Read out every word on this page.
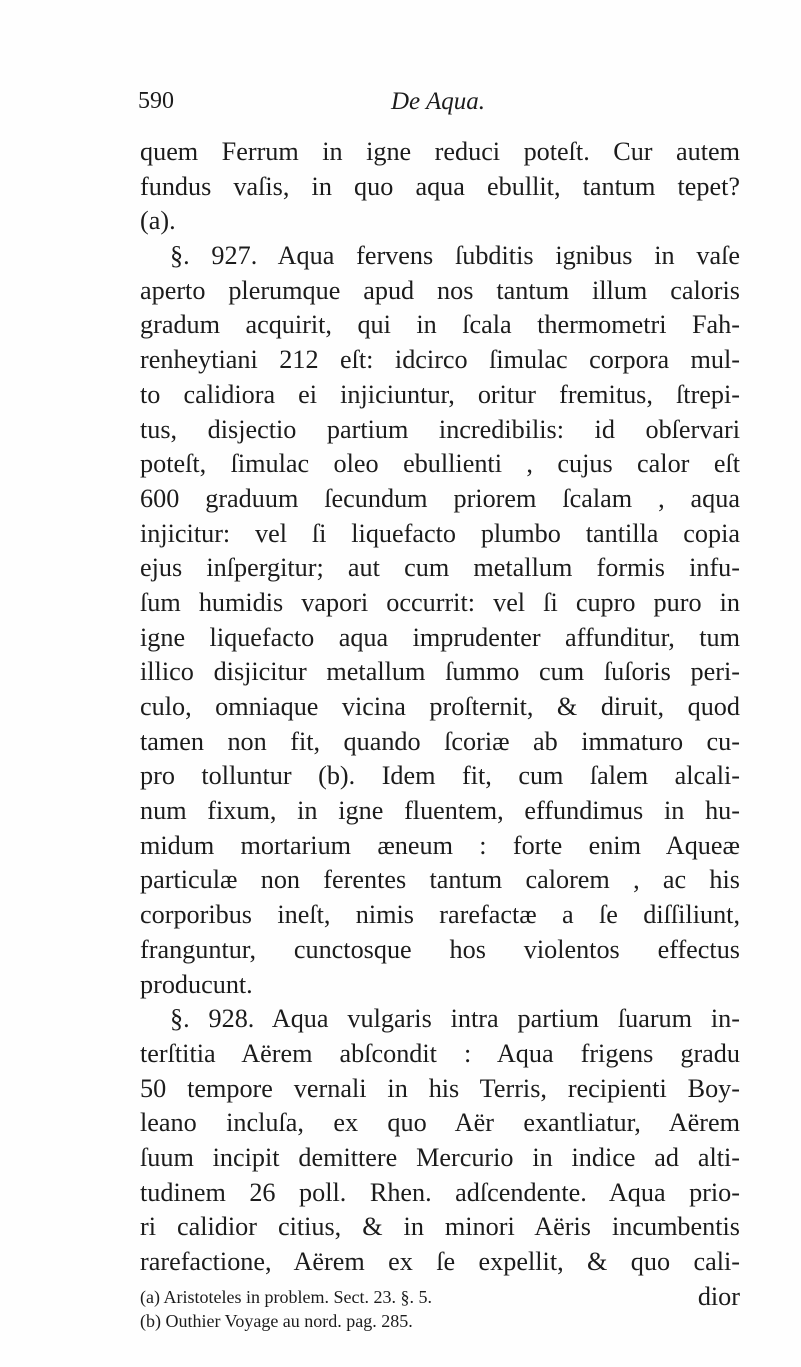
590	De Aqua.
quem Ferrum in igne reduci poteſt. Cur autem
fundus vaſis, in quo aqua ebullit, tantum tepet?
(a).
§. 927. Aqua fervens ſubditis ignibus in vaſe
aperto plerumque apud nos tantum illum caloris
gradum acquirit, qui in ſcala thermometri Fah-
renheytiani 212 eſt: idcirco ſimulac corpora mul-
to calidiora ei injiciuntur, oritur fremitus, ſtrepi-
tus, disjectio partium incredibilis: id obſervari
poteſt, ſimulac oleo ebullienti , cujus calor eſt
600 graduum ſecundum priorem ſcalam , aqua
injicitur: vel ſi liquefacto plumbo tantilla copia
ejus inſpergitur; aut cum metallum formis infu-
ſum humidis vapori occurrit: vel ſi cupro puro in
igne liquefacto aqua imprudenter affunditur, tum
illico disjicitur metallum ſummo cum ſuſoris peri-
culo, omniaque vicina proſternit, & diruit, quod
tamen non fit, quando ſcoriæ ab immaturo cu-
pro tolluntur (b). Idem fit, cum ſalem alcali-
num fixum, in igne fluentem, effundimus in hu-
midum mortarium æneum : forte enim Aqueæ
particulæ non ferentes tantum calorem , ac his
corporibus ineſt, nimis rarefactæ a ſe diſſiliunt,
franguntur, cunctosque hos violentos effectus
producunt.
§. 928. Aqua vulgaris intra partium ſuarum in-
terſtitia Aërem abſcondit : Aqua frigens gradu
50 tempore vernali in his Terris, recipienti Boy-
leano incluſa, ex quo Aër exantliatur, Aërem
ſuum incipit demittere Mercurio in indice ad alti-
tudinem 26 poll. Rhen. adſcendente. Aqua prio-
ri calidior citius, & in minori Aëris incumbentis
rarefactione, Aërem ex ſe expellit, & quo cali-
dior
(a) Aristoteles in problem. Sect. 23. §. 5.
(b) Outhier Voyage au nord. pag. 285.
